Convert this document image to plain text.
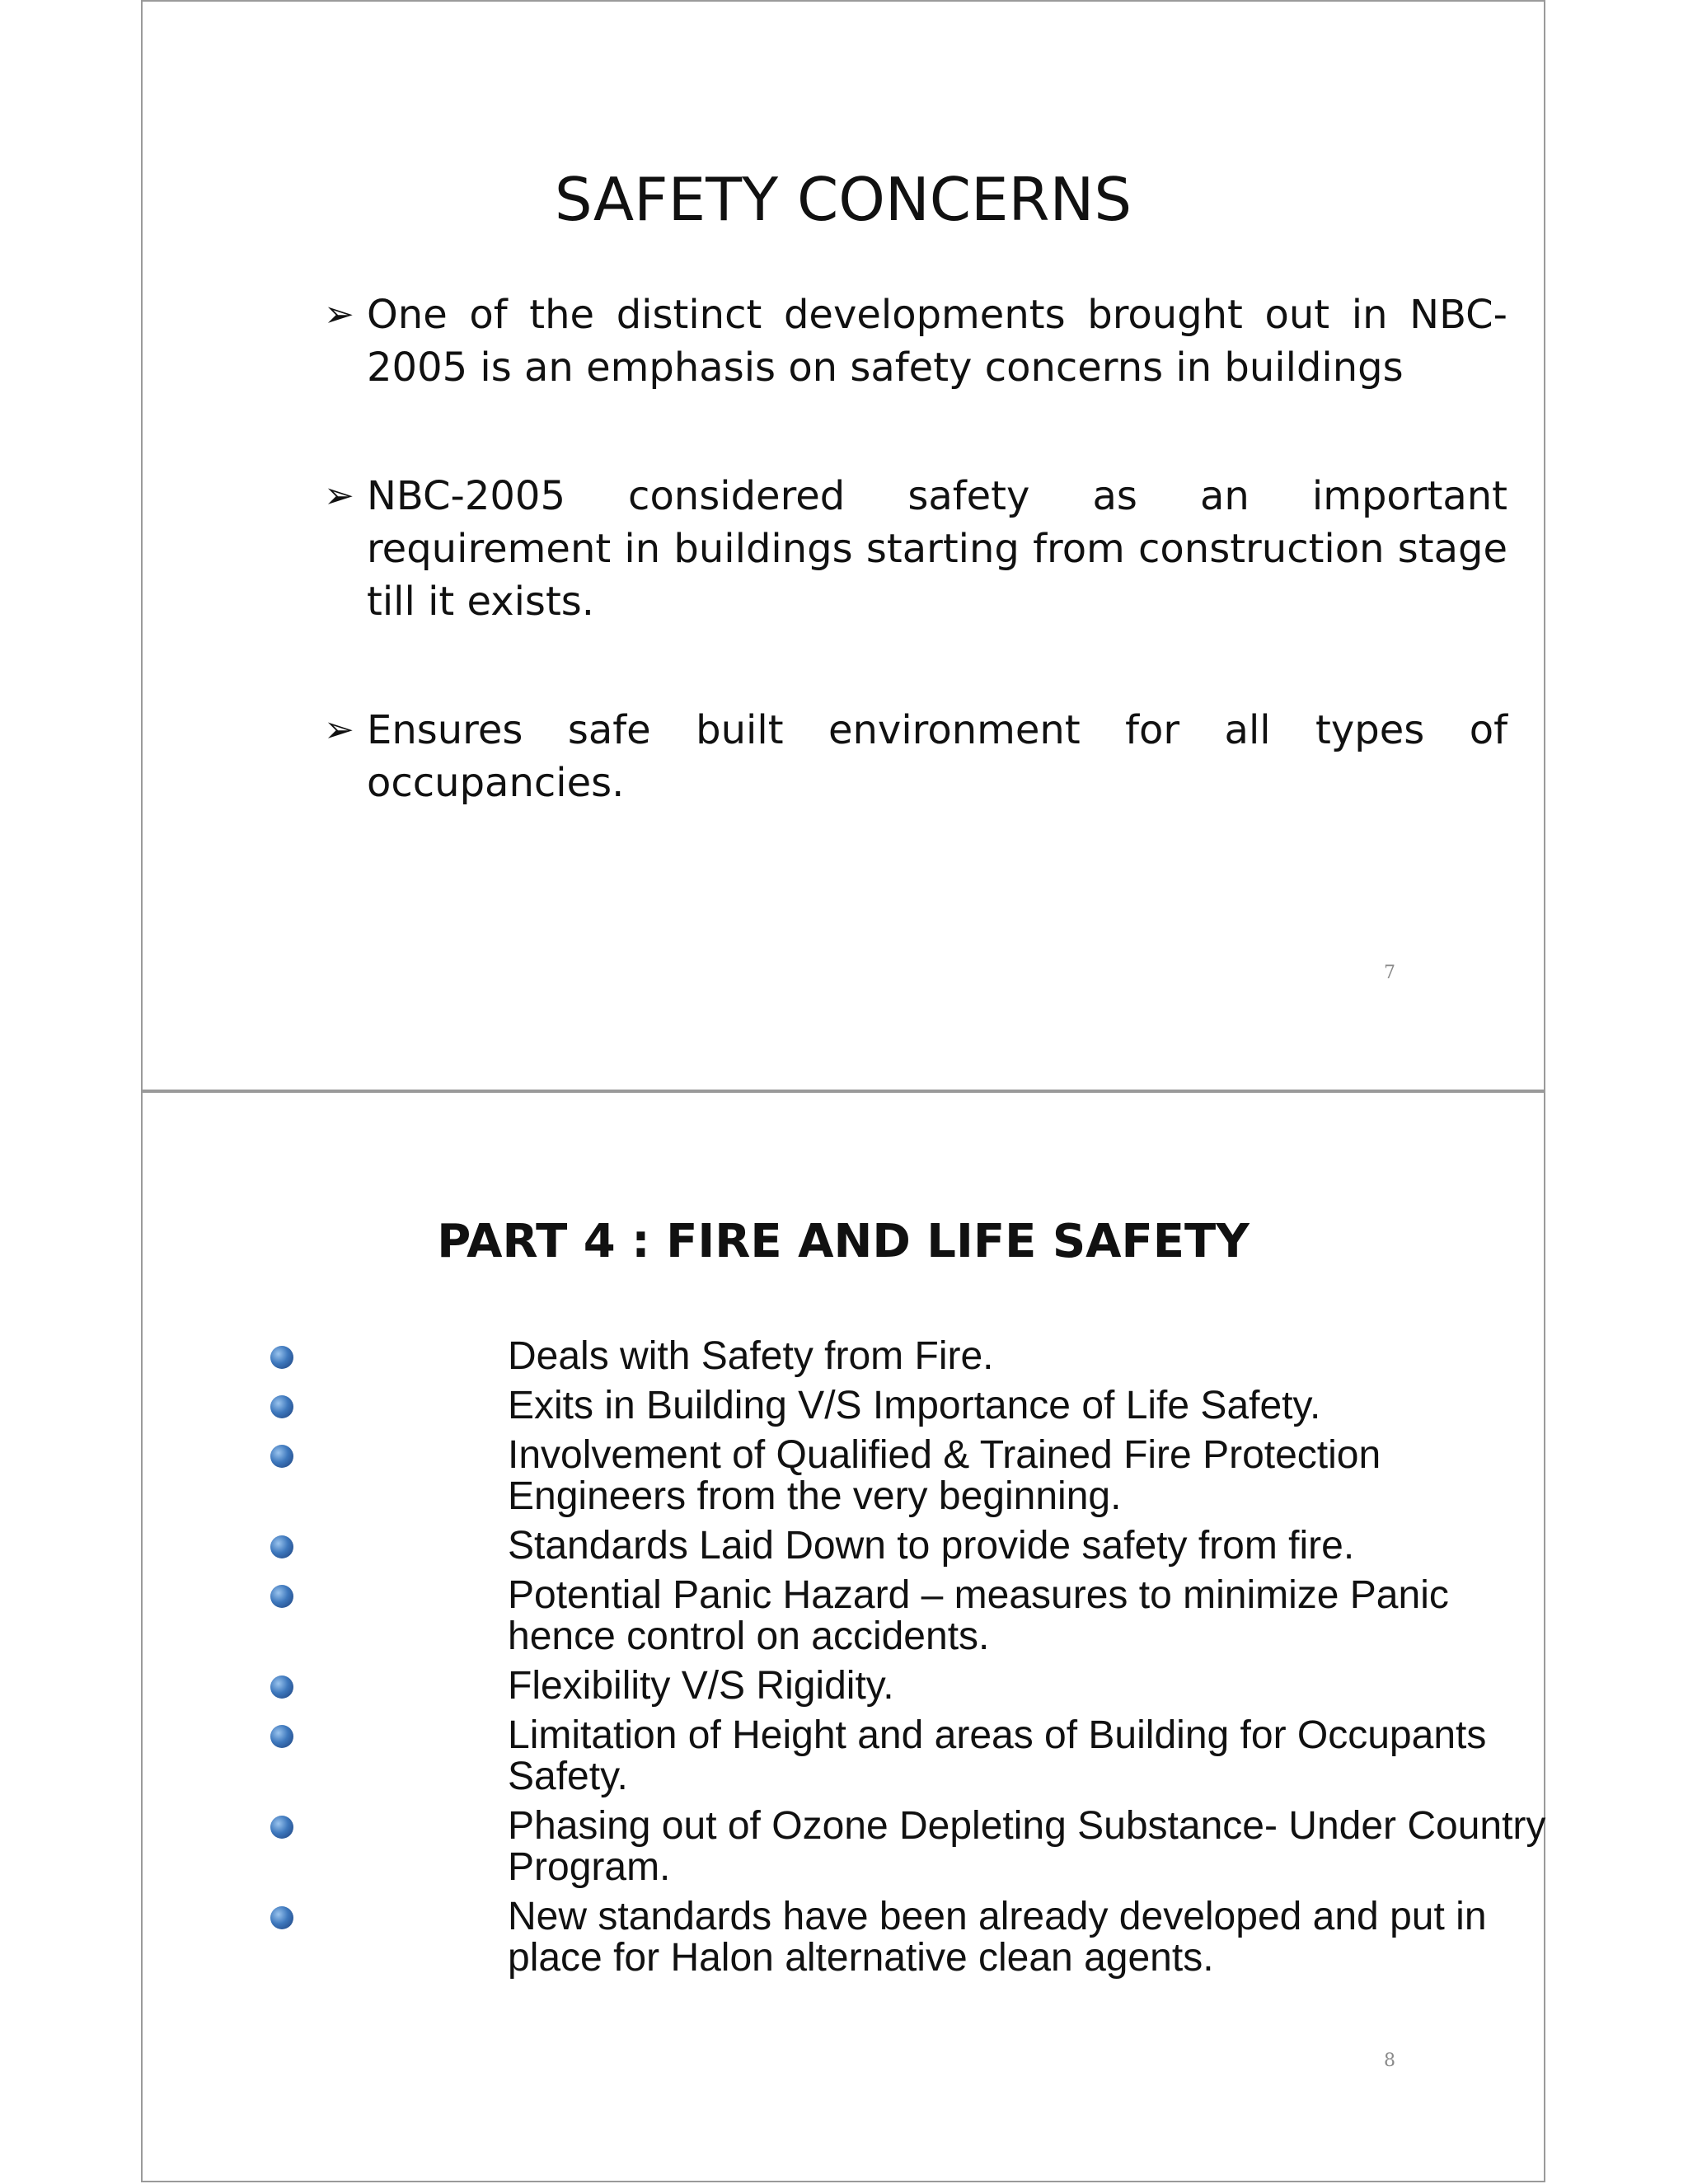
SAFETY CONCERNS
➢ One of the distinct developments brought out in NBC-2005 is an emphasis on safety concerns in buildings
➢ NBC-2005 considered safety as an important requirement in buildings starting from construction stage till it exists.
➢ Ensures safe built environment for all types of occupancies.
7
PART 4 : FIRE AND LIFE SAFETY
Deals with Safety from Fire.
Exits in Building V/S Importance of Life Safety.
Involvement of Qualified & Trained Fire Protection Engineers from the very beginning.
Standards Laid Down to provide safety from fire.
Potential Panic Hazard – measures to minimize Panic hence control on accidents.
Flexibility V/S Rigidity.
Limitation of Height and areas of Building for Occupants Safety.
Phasing out of Ozone Depleting Substance- Under Country Program.
New standards have been already developed and put in place for Halon alternative clean agents.
8
